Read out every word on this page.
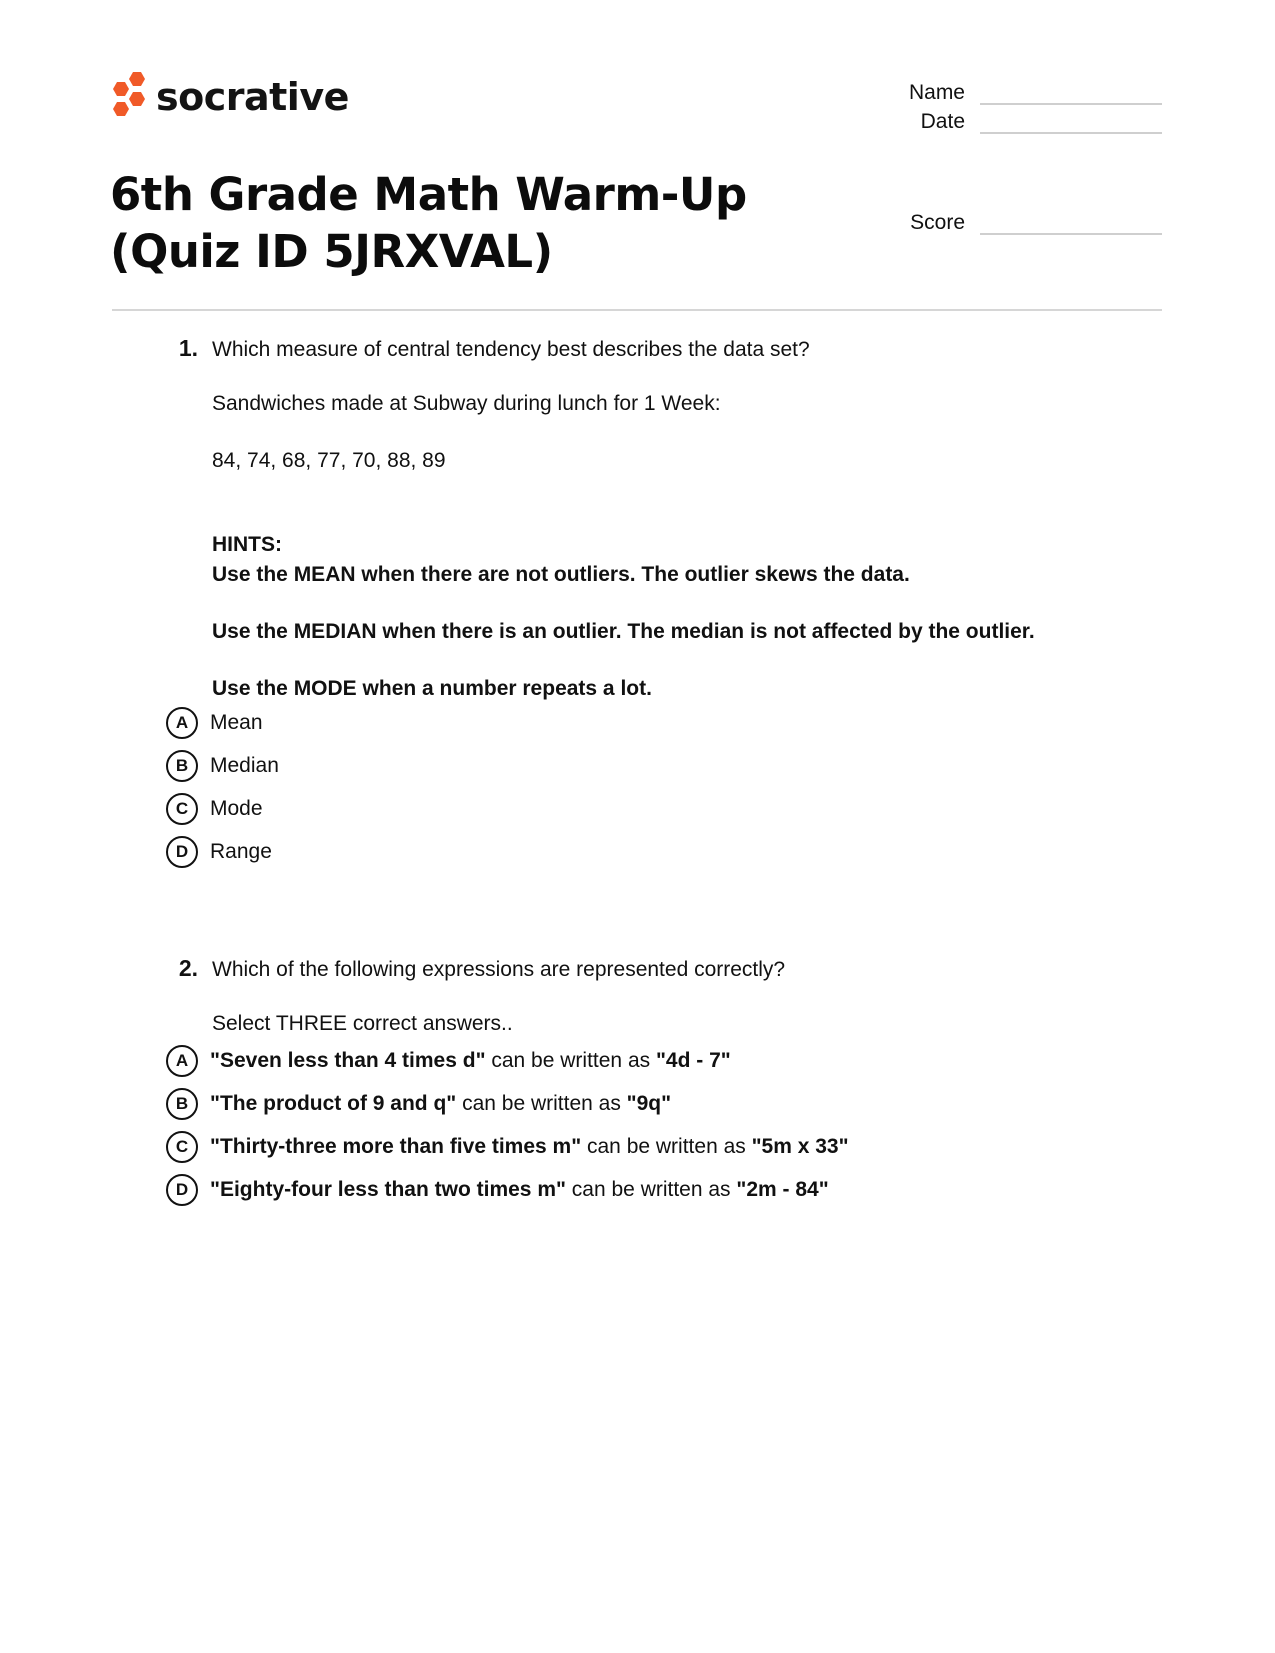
socrative	Name
Date
Score
6th Grade Math Warm-Up (Quiz ID 5JRXVAL)
1. Which measure of central tendency best describes the data set?

Sandwiches made at Subway during lunch for 1 Week:

84, 74, 68, 77, 70, 88, 89

HINTS:

Use the MEAN when there are not outliers. The outlier skews the data.

Use the MEDIAN when there is an outlier. The median is not affected by the outlier.

Use the MODE when a number repeats a lot.

A	Mean
B	Median
C	Mode
D	Range
2. Which of the following expressions are represented correctly?

Select THREE correct answers..

A	"Seven less than 4 times d" can be written as "4d - 7"
B	"The product of 9 and q" can be written as "9q"
C	"Thirty-three more than five times m" can be written as "5m x 33"
D	"Eighty-four less than two times m" can be written as "2m - 84"
